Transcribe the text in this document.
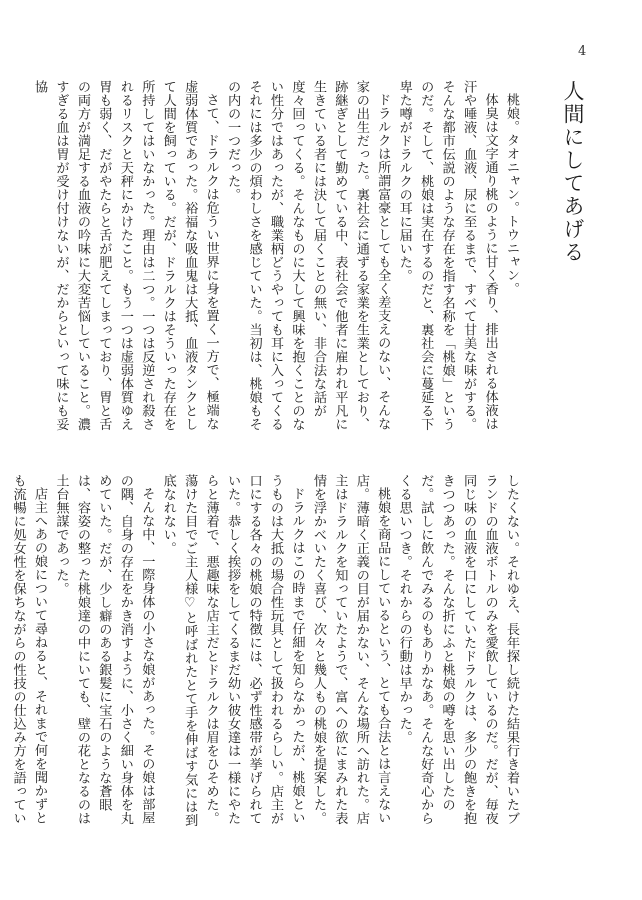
4
人間にしてあげる

桃娘。タオニャン。トウニャン。

体臭は文字通り桃のように甘く香り、排出される体液は汗や唾液、血液、尿に至るまで、すべて甘美な味がする。そんな都市伝説のような存在を指す名称を「桃娘」というのだ。そして、桃娘は実在するのだと、裏社会に蔓延る下卑た噂がドラルクの耳に届いた。

ドラルクは所謂富豪としても全く差支えのない、そんな家の出生だった。裏社会に通ずる家業を生業としており、跡継ぎとして勤めている中、表社会で他者に雇われ平凡に生きている者には決して届くことの無い、非合法な話が度々回ってくる。そんなものに大して興味を抱くことのない性分ではあったが、職業柄どうやっても耳に入ってくるそれには多少の煩わしさを感じていた。当初は、桃娘もその内の一つだった。

さて、ドラルクは危うい世界に身を置く一方で、極端な虚弱体質であった。裕福な吸血鬼は大抵、血液タンクとして人間を飼っている。だが、ドラルクはそういった存在を所持してはいなかった。理由は二つ。一つは反逆され殺されるリスクと天秤にかけたこと。もう一つは虚弱体質ゆえ胃も弱く、だがやたらと舌が肥えてしまっており、胃と舌の両方が満足する血液の吟味に大変苦悩していること。濃すぎる血は胃が受け付けないが、だからといって味にも妥協

したくない。それゆえ、長年探し続けた結果行き着いたブランドの血液ボトルのみを愛飲しているのだ。だが、毎夜同じ味の血液を口にしていたドラルクは、多少の飽きを抱きつつあった。そんな折にふと桃娘の噂を思い出したのだ。試しに飲んでみるのもありかなあ。そんな好奇心からくる思いつき。それからの行動は早かった。

桃娘を商品にしているという、とても合法とは言えない店。薄暗く正義の目が届かない、そんな場所へ訪れた。店主はドラルクを知っていたようで、富への欲にまみれた表情を浮かべいたく喜び、次々と幾人もの桃娘を提案した。

ドラルクはこの時まで仔細を知らなかったが、桃娘というものは大抵の場合性玩具として扱われるらしい。店主が口にする各々の桃娘の特徴には、必ず性感帯が挙げられていた。恭しく挨拶をしてくるまだ幼い彼女達は一様にやたらと薄着で、悪趣味な店主だとドラルクは眉をひそめた。蕩けた目でご主人様♡と呼ばれたとて手を伸ばす気には到底なれない。

そんな中、一際身体の小さな娘があった。その娘は部屋の隅、自身の存在をかき消すように、小さく細い身体を丸めていた。だが、少し癖のある銀髪に宝石のような蒼眼は、容姿の整った桃娘達の中にいても、壁の花となるのは土台無謀であった。

店主へあの娘について尋ねると、それまで何を聞かずとも流暢に処女性を保ちながらの性技の仕込み方を語ってい
